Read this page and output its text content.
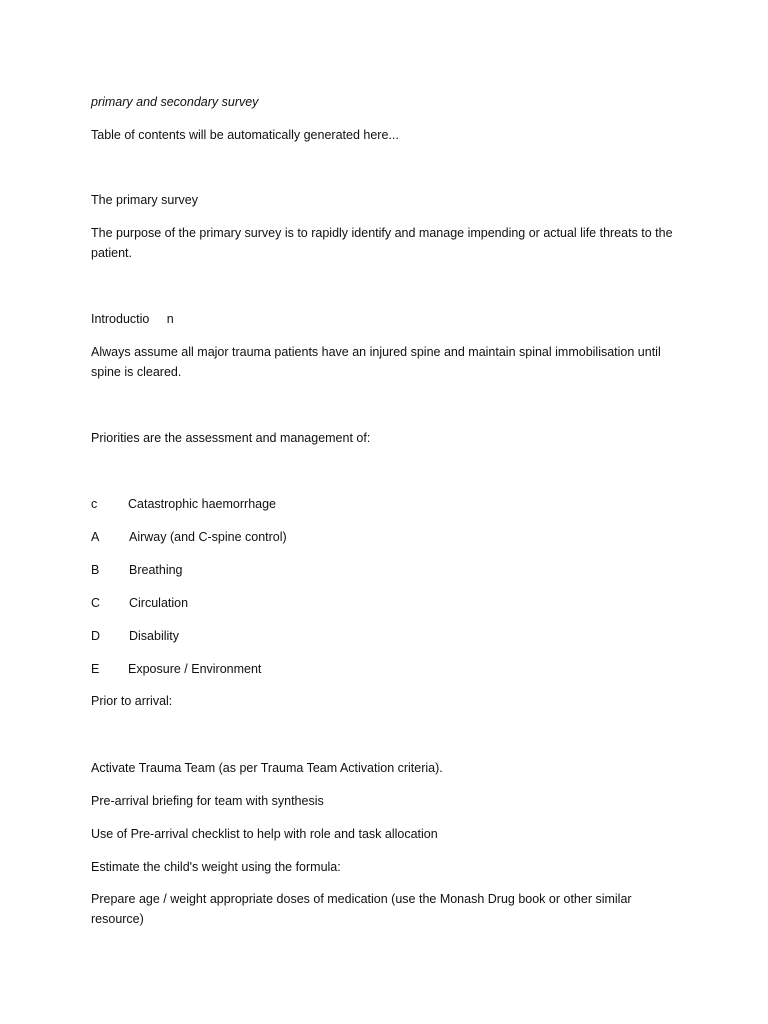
primary and secondary survey

Table of contents will be automatically generated here...

The primary survey

The purpose of the primary survey is to rapidly identify and manage impending or actual life threats to the patient.

Introductio     n

Always assume all major trauma patients have an injured spine and maintain spinal immobilisation until spine is cleared.

Priorities are the assessment and management of:

c Catastrophic haemorrhage
A Airway (and C-spine control)
B Breathing
C Circulation
D Disability
E Exposure / Environment

Prior to arrival:

Activate Trauma Team (as per Trauma Team Activation criteria).

Pre-arrival briefing for team with synthesis

Use of Pre-arrival checklist to help with role and task allocation

Estimate the child's weight using the formula:

Prepare age / weight appropriate doses of medication (use the Monash Drug book or other similar resource)
